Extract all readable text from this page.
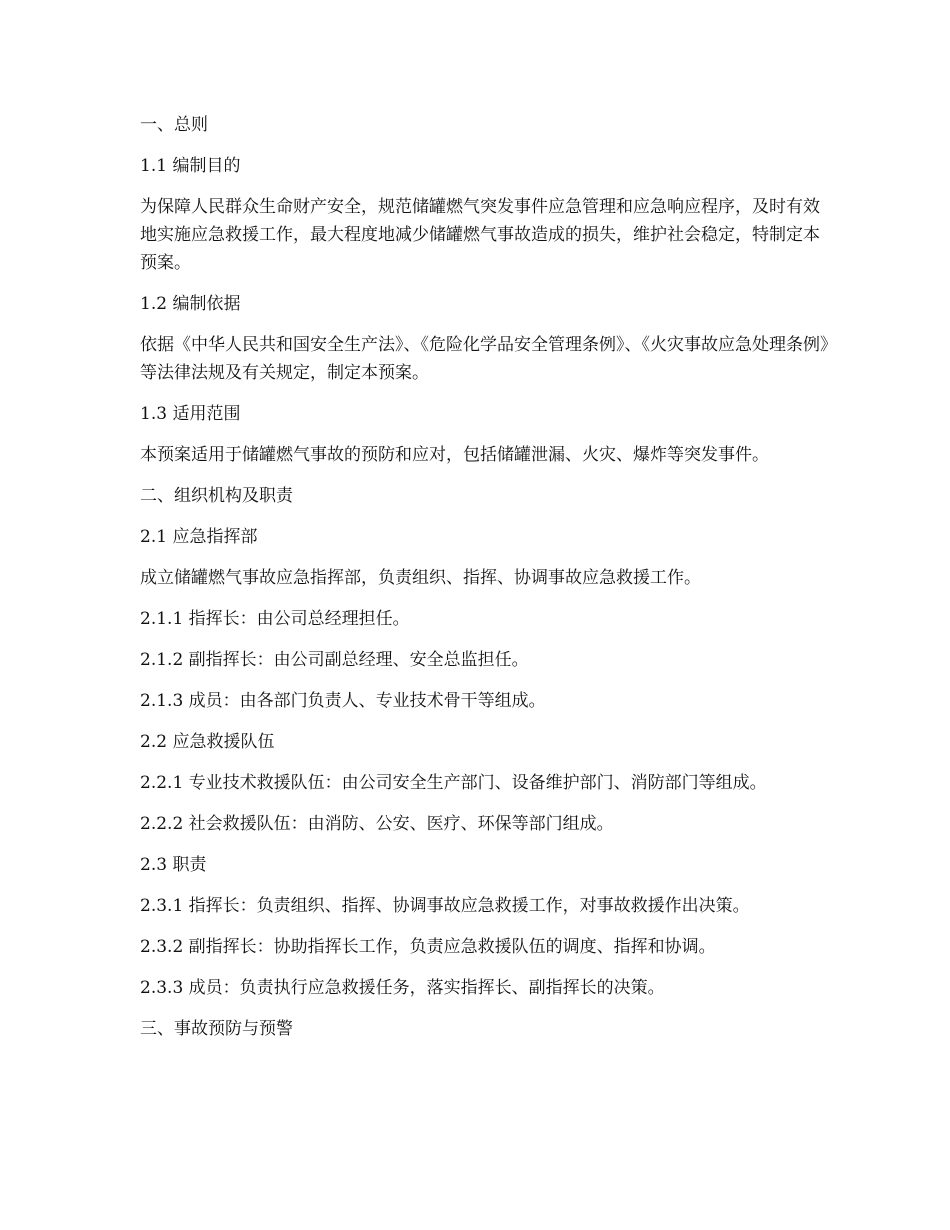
一、总则

1.1 编制目的

为保障人民群众生命财产安全，规范储罐燃气突发事件应急管理和应急响应程序，及时有效地实施应急救援工作，最大程度地减少储罐燃气事故造成的损失，维护社会稳定，特制定本预案。

1.2 编制依据

依据《中华人民共和国安全生产法》、《危险化学品安全管理条例》、《火灾事故应急处理条例》等法律法规及有关规定，制定本预案。

1.3 适用范围

本预案适用于储罐燃气事故的预防和应对，包括储罐泄漏、火灾、爆炸等突发事件。

二、组织机构及职责

2.1 应急指挥部

成立储罐燃气事故应急指挥部，负责组织、指挥、协调事故应急救援工作。

2.1.1 指挥长：由公司总经理担任。

2.1.2 副指挥长：由公司副总经理、安全总监担任。

2.1.3 成员：由各部门负责人、专业技术骨干等组成。

2.2 应急救援队伍

2.2.1 专业技术救援队伍：由公司安全生产部门、设备维护部门、消防部门等组成。

2.2.2 社会救援队伍：由消防、公安、医疗、环保等部门组成。

2.3 职责

2.3.1 指挥长：负责组织、指挥、协调事故应急救援工作，对事故救援作出决策。

2.3.2 副指挥长：协助指挥长工作，负责应急救援队伍的调度、指挥和协调。

2.3.3 成员：负责执行应急救援任务，落实指挥长、副指挥长的决策。

三、事故预防与预警
